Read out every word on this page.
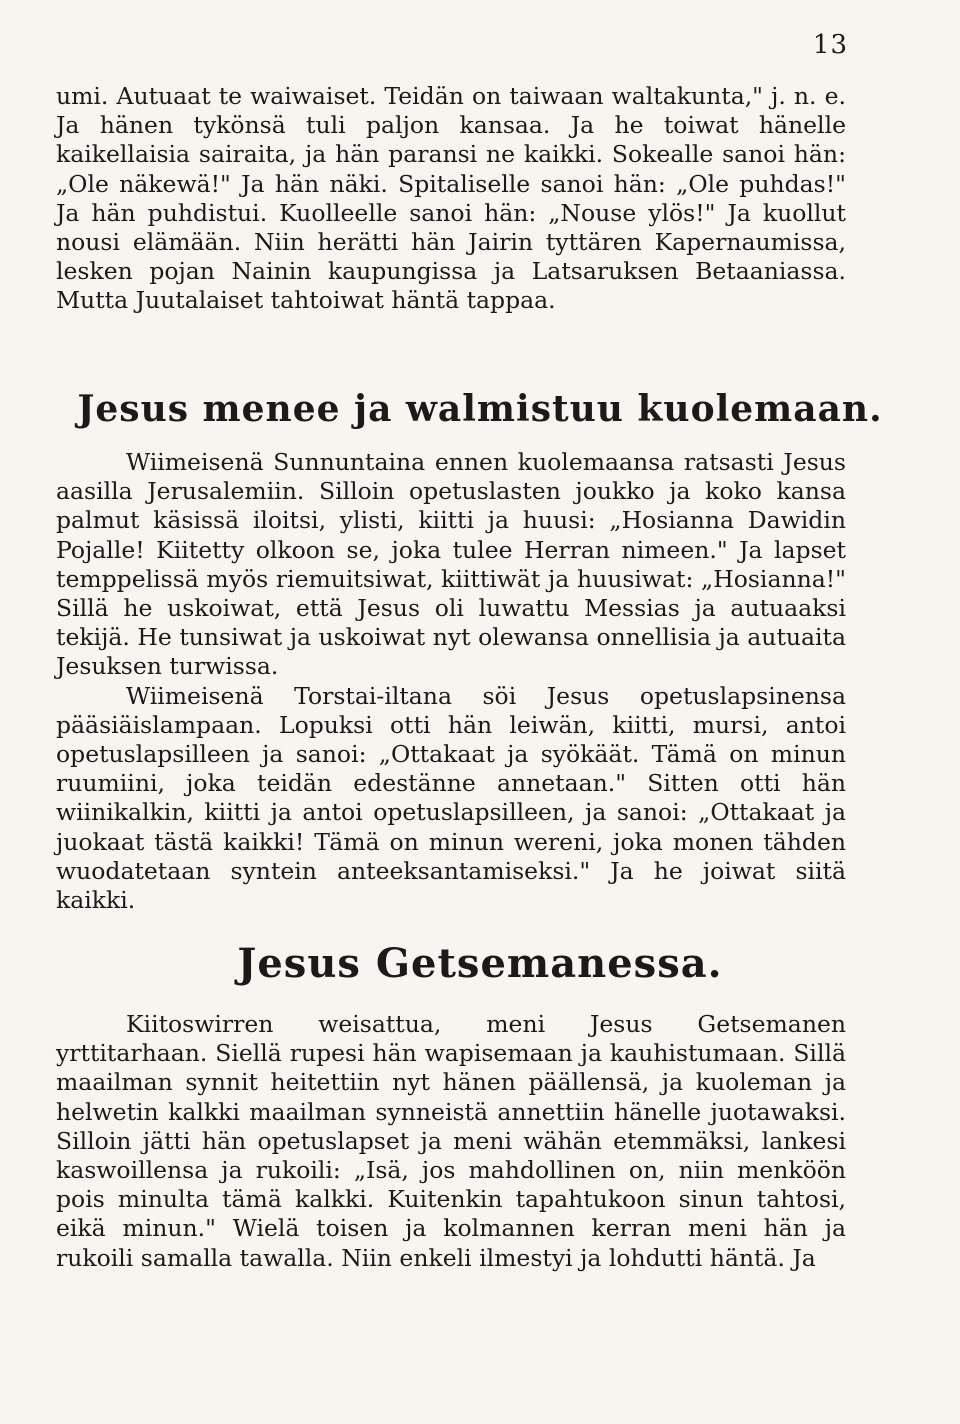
13

umi. Autuaat te waiwaiset. Teidän on taiwaan waltakunta," j. n. e. Ja hänen tykönsä tuli paljon kansaa. Ja he toiwat hänelle kaikellaisia sairaita, ja hän paransi ne kaikki. Sokealle sanoi hän: „Ole näkewä!" Ja hän näki. Spitaliselle sanoi hän: „Ole puhdas!" Ja hän puhdistui. Kuolleelle sanoi hän: „Nouse ylös!" Ja kuollut nousi elämään. Niin herätti hän Jairin tyttären Kapernaumissa, lesken pojan Nainin kaupungissa ja Latsaruksen Betaaniassa. Mutta Juutalaiset tahtoiwat häntä tappaa.

Jesus menee ja walmistuu kuolemaan.

Wiimeisenä Sunnuntaina ennen kuolemaansa ratsasti Jesus aasilla Jerusalemiin. Silloin opetuslasten joukko ja koko kansa palmut käsissä iloitsi, ylisti, kiitti ja huusi: „Hosianna Dawidin Pojalle! Kiitetty olkoon se, joka tulee Herran nimeen." Ja lapset temppelissä myös riemuitsiwat, kiittiwät ja huusiwat: „Hosianna!" Sillä he uskoiwat, että Jesus oli luwattu Messias ja autuaaksi tekijä. He tunsiwat ja uskoiwat nyt olewansa onnellisia ja autuaita Jesuksen turwissa.

Wiimeisenä Torstai-iltana söi Jesus opetuslapsinensa pääsiäislampaan. Lopuksi otti hän leiwän, kiitti, mursi, antoi opetuslapsilleen ja sanoi: „Ottakaat ja syökäät. Tämä on minun ruumiini, joka teidän edestänne annetaan." Sitten otti hän wiinikalkin, kiitti ja antoi opetuslapsilleen, ja sanoi: „Ottakaat ja juokaat tästä kaikki! Tämä on minun wereni, joka monen tähden wuodatetaan syntein anteeksantamiseksi." Ja he joiwat siitä kaikki.

Jesus Getsemanessa.

Kiitoswirren weisattua, meni Jesus Getsemanen yrttitarhaan. Siellä rupesi hän wapisemaan ja kauhistumaan. Sillä maailman synnit heitettiin nyt hänen päällensä, ja kuoleman ja helwetin kalkki maailman synneistä annettiin hänelle juotawaksi. Silloin jätti hän opetuslapset ja meni wähän etemmäksi, lankesi kaswoillensa ja rukoili: „Isä, jos mahdollinen on, niin menköön pois minulta tämä kalkki. Kuitenkin tapahtukoon sinun tahtosi, eikä minun." Wielä toisen ja kolmannen kerran meni hän ja rukoili samalla tawalla. Niin enkeli ilmestyi ja lohdutti häntä. Ja
